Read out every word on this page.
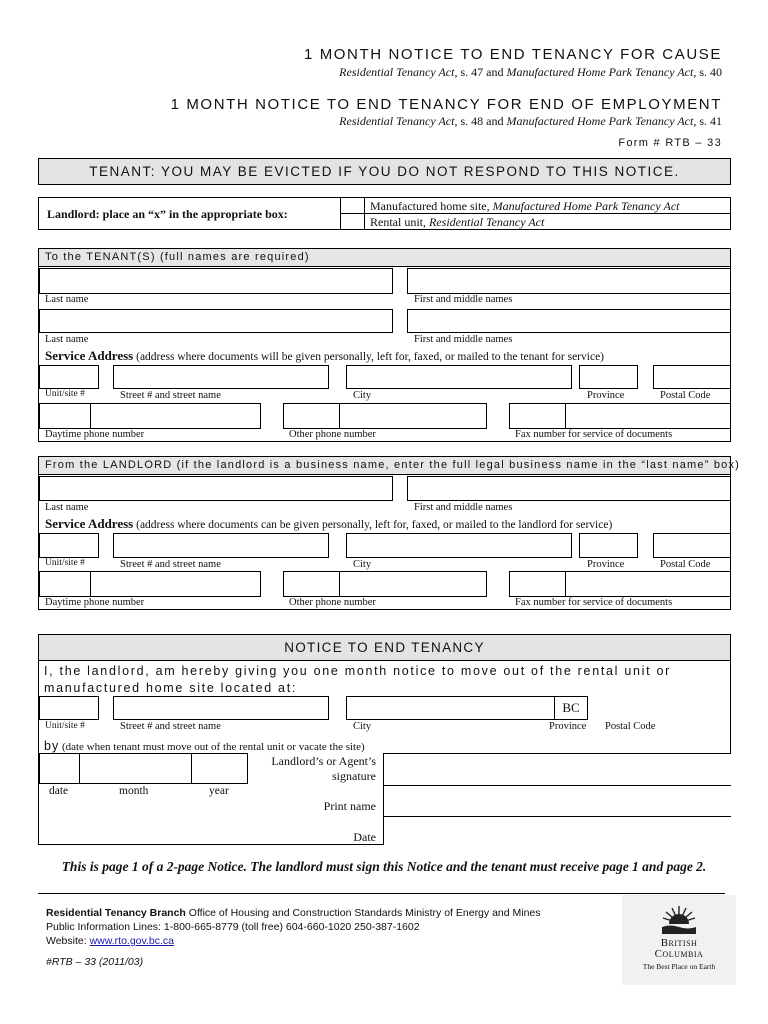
1 MONTH NOTICE TO END TENANCY FOR CAUSE
Residential Tenancy Act, s. 47 and Manufactured Home Park Tenancy Act, s. 40
1 MONTH NOTICE TO END TENANCY FOR END OF EMPLOYMENT
Residential Tenancy Act, s. 48 and Manufactured Home Park Tenancy Act, s. 41
Form # RTB – 33
TENANT: YOU MAY BE EVICTED IF YOU DO NOT RESPOND TO THIS NOTICE.
Landlord: place an “x” in the appropriate box:
Manufactured home site, Manufactured Home Park Tenancy Act
Rental unit, Residential Tenancy Act
To the TENANT(S) (full names are required)
Last name	First and middle names
Last name	First and middle names
Service Address (address where documents will be given personally, left for, faxed, or mailed to the tenant for service)
Unit/site #	Street # and street name	City	Province	Postal Code
Daytime phone number	Other phone number	Fax number for service of documents
From the LANDLORD (if the landlord is a business name, enter the full legal business name in the “last name” box)
Last name	First and middle names
Service Address (address where documents can be given personally, left for, faxed, or mailed to the landlord for service)
Unit/site #	Street # and street name	City	Province	Postal Code
Daytime phone number	Other phone number	Fax number for service of documents
NOTICE TO END TENANCY
I, the landlord, am hereby giving you one month notice to move out of the rental unit or
manufactured home site located at:
BC
Unit/site #	Street # and street name	City	Province Postal Code
by (date when tenant must move out of the rental unit or vacate the site)
date	month	year
Landlord’s or Agent’s
signature
Print name
Date
This is page 1 of a 2-page Notice. The landlord must sign this Notice and the tenant must receive page 1 and page 2.
Residential Tenancy Branch Office of Housing and Construction Standards Ministry of Energy and Mines
Public Information Lines: 1-800-665-8779 (toll free) 604-660-1020 250-387-1602
Website: www.rto.gov.bc.ca
#RTB – 33 (2011/03)
British
Columbia
The Best Place on Earth
